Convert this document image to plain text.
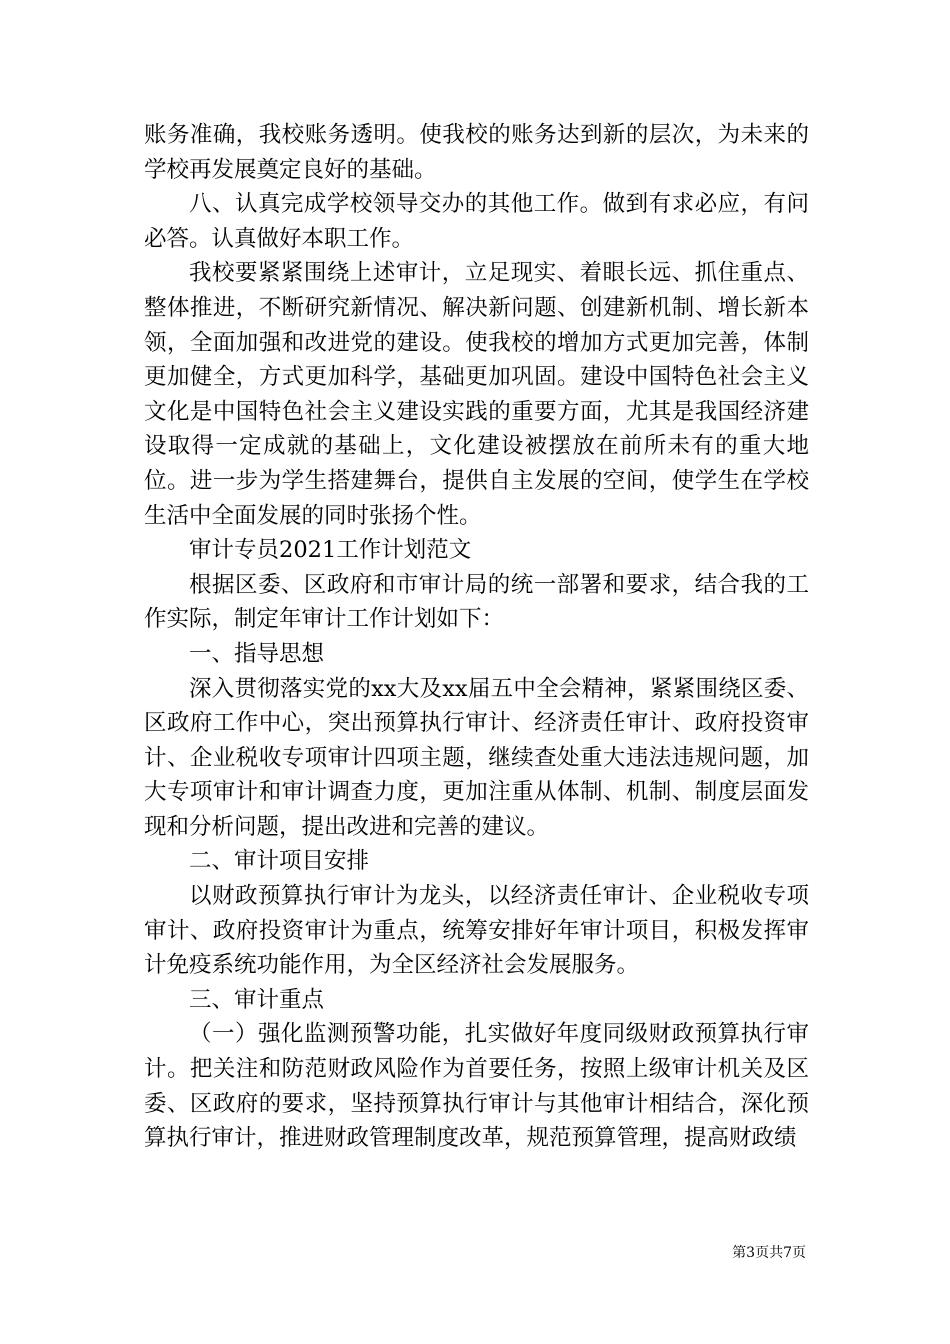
账务准确，我校账务透明。使我校的账务达到新的层次，为未来的学校再发展奠定良好的基础。

八、认真完成学校领导交办的其他工作。做到有求必应，有问必答。认真做好本职工作。

我校要紧紧围绕上述审计，立足现实、着眼长远、抓住重点、整体推进，不断研究新情况、解决新问题、创建新机制、增长新本领，全面加强和改进党的建设。使我校的增加方式更加完善，体制更加健全，方式更加科学，基础更加巩固。建设中国特色社会主义文化是中国特色社会主义建设实践的重要方面，尤其是我国经济建设取得一定成就的基础上，文化建设被摆放在前所未有的重大地位。进一步为学生搭建舞台，提供自主发展的空间，使学生在学校生活中全面发展的同时张扬个性。

审计专员2021工作计划范文

根据区委、区政府和市审计局的统一部署和要求，结合我的工作实际，制定年审计工作计划如下：

一、指导思想

深入贯彻落实党的xx大及xx届五中全会精神，紧紧围绕区委、区政府工作中心，突出预算执行审计、经济责任审计、政府投资审计、企业税收专项审计四项主题，继续查处重大违法违规问题，加大专项审计和审计调查力度，更加注重从体制、机制、制度层面发现和分析问题，提出改进和完善的建议。

二、审计项目安排

以财政预算执行审计为龙头，以经济责任审计、企业税收专项审计、政府投资审计为重点，统筹安排好年审计项目，积极发挥审计免疫系统功能作用，为全区经济社会发展服务。

三、审计重点

（一）强化监测预警功能，扎实做好年度同级财政预算执行审计。把关注和防范财政风险作为首要任务，按照上级审计机关及区委、区政府的要求，坚持预算执行审计与其他审计相结合，深化预算执行审计，推进财政管理制度改革，规范预算管理，提高财政绩

第3页共7页
